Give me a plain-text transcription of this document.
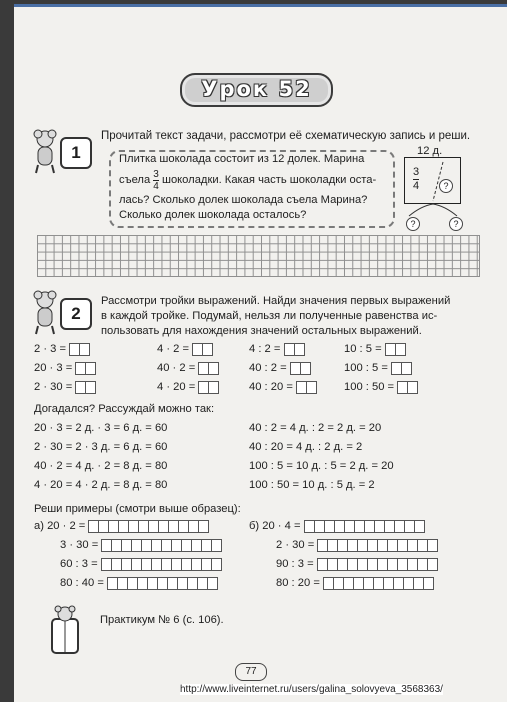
Урок 52
1
Прочитай текст задачи, рассмотри её схематическую запись и реши.
Плитка шоколада состоит из 12 долек. Марина
съела $\frac{3}{4}$ шоколадки. Какая часть шоколадки оста-
лась? Сколько долек шоколада съела Марина?
Сколько долек шоколада осталось?
12 д.
$\frac{3}{4}$	?
?	?
2
Рассмотри тройки выражений. Найди значения первых выражений
в каждой тройке. Подумай, нельзя ли полученные равенства ис-
пользовать для нахождения значений остальных выражений.
2 · 3 =
20 · 3 =
2 · 30 =
4 · 2 =
40 · 2 =
4 · 20 =
4 : 2 =
40 : 2 =
40 : 20 =
10 : 5 =
100 : 5 =
100 : 50 =
Догадался? Рассуждай можно так:
20 · 3 = 2 д. · 3 = 6 д. = 60
2 · 30 = 2 · 3 д. = 6 д. = 60
40 · 2 = 4 д. · 2 = 8 д. = 80
4 · 20 = 4 · 2 д. = 8 д. = 80
40 : 2 = 4 д. : 2 = 2 д. = 20
40 : 20 = 4 д. : 2 д. = 2
100 : 5 = 10 д. : 5 = 2 д. = 20
100 : 50 = 10 д. : 5 д. = 2
Реши примеры (смотри выше образец):
а) 20 · 2 =
3 · 30 =
60 : 3 =
80 : 40 =
б) 20 · 4 =
2 · 30 =
90 : 3 =
80 : 20 =
Практикум № 6 (с. 106).
77
http://www.liveinternet.ru/users/galina_solovyeva_3568363/
